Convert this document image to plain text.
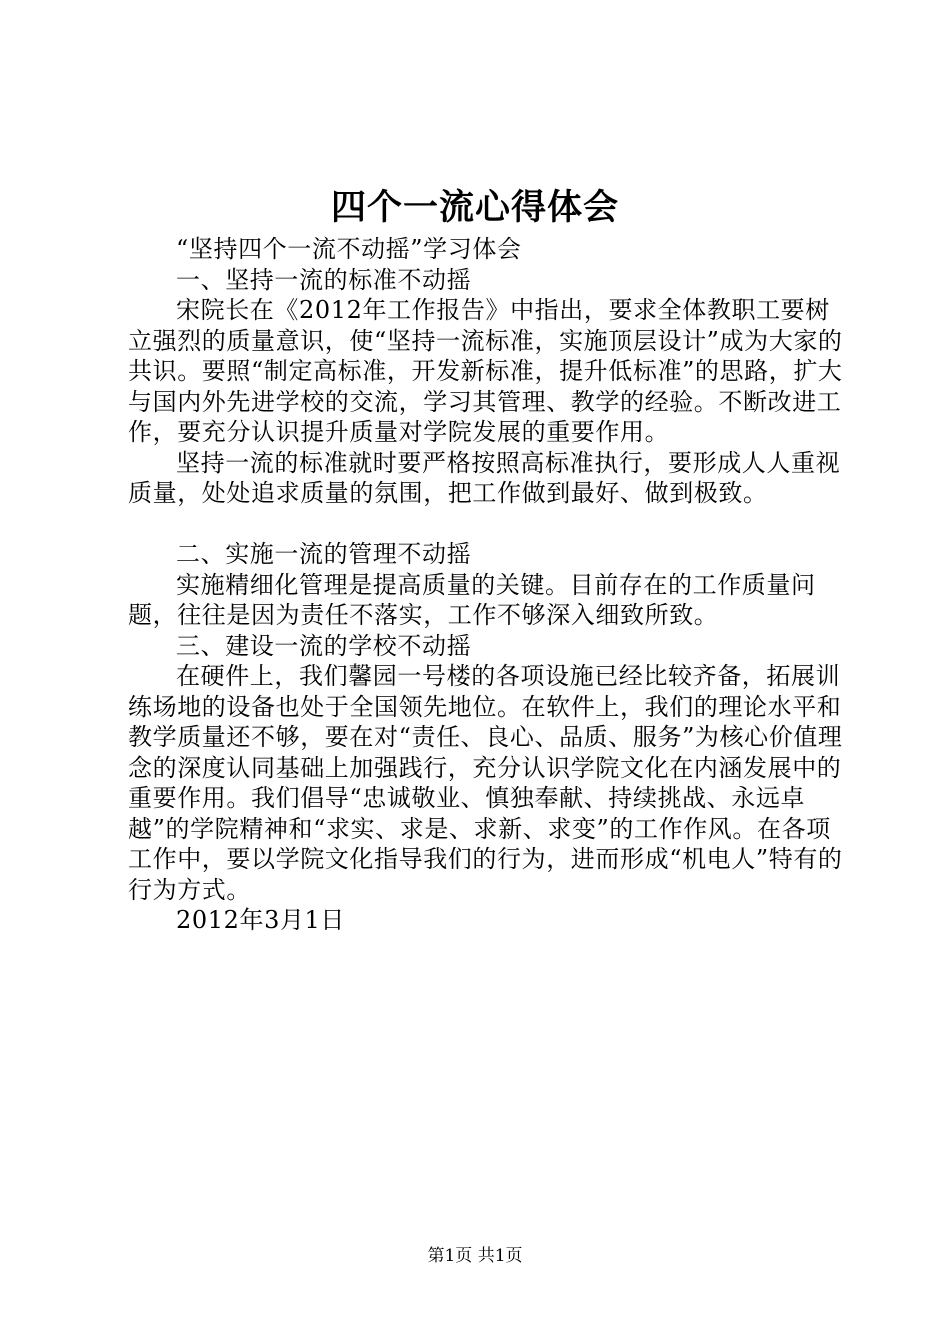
四个一流心得体会

“坚持四个一流不动摇”学习体会

一、坚持一流的标准不动摇

宋院长在《2012年工作报告》中指出，要求全体教职工要树立强烈的质量意识，使“坚持一流标准，实施顶层设计”成为大家的共识。要照“制定高标准，开发新标准，提升低标准”的思路，扩大与国内外先进学校的交流，学习其管理、教学的经验。不断改进工作，要充分认识提升质量对学院发展的重要作用。

坚持一流的标准就时要严格按照高标准执行，要形成人人重视质量，处处追求质量的氛围，把工作做到最好、做到极致。

二、实施一流的管理不动摇

实施精细化管理是提高质量的关键。目前存在的工作质量问题，往往是因为责任不落实，工作不够深入细致所致。

三、建设一流的学校不动摇

在硬件上，我们馨园一号楼的各项设施已经比较齐备，拓展训练场地的设备也处于全国领先地位。在软件上，我们的理论水平和教学质量还不够，要在对“责任、良心、品质、服务”为核心价值理念的深度认同基础上加强践行，充分认识学院文化在内涵发展中的重要作用。我们倡导“忠诚敬业、慎独奉献、持续挑战、永远卓越”的学院精神和“求实、求是、求新、求变”的工作作风。在各项工作中，要以学院文化指导我们的行为，进而形成“机电人”特有的行为方式。

2012年3月1日

第1页 共1页
